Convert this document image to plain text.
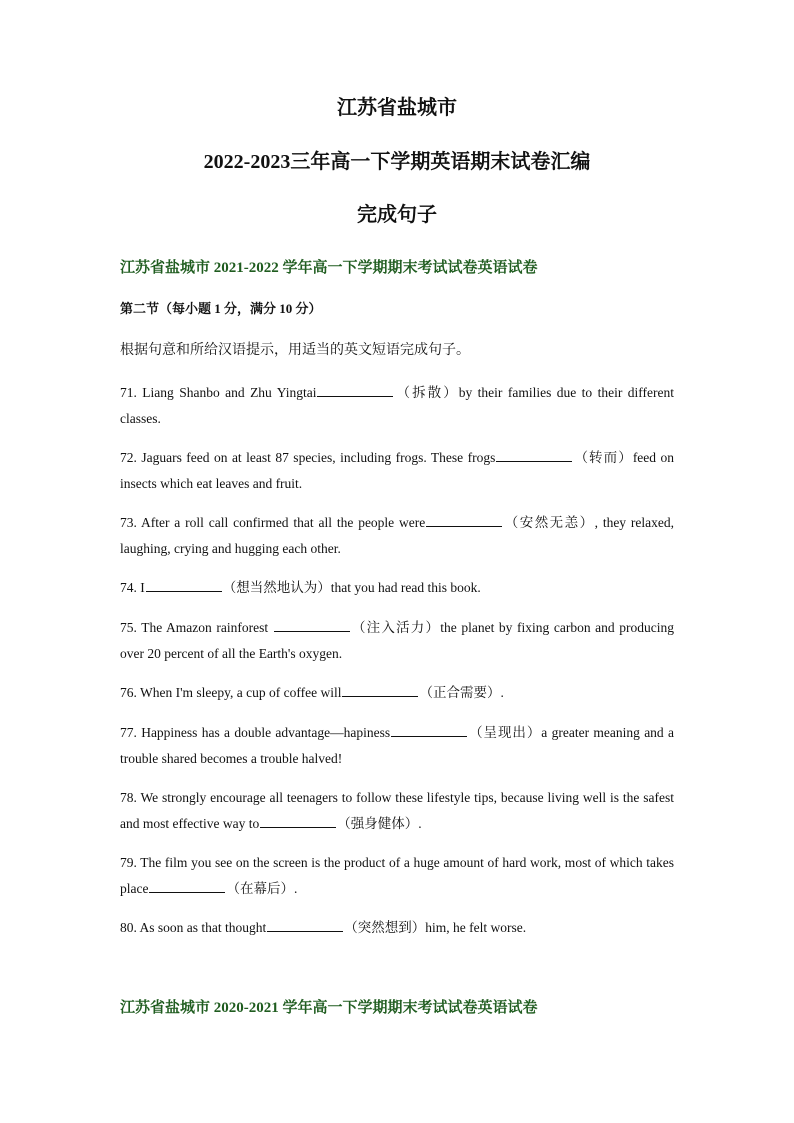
江苏省盐城市
2022-2023三年高一下学期英语期末试卷汇编
完成句子
江苏省盐城市 2021-2022 学年高一下学期期末考试试卷英语试卷
第二节（每小题 1 分，满分 10 分）
根据句意和所给汉语提示，用适当的英文短语完成句子。

71. Liang Shanbo and Zhu Yingtai	（拆散）by their families due to their different classes.

72. Jaguars feed on at least 87 species, including frogs. These frogs	（转而）feed on insects which eat leaves and fruit.

73. After a roll call confirmed that all the people were	（安然无恙）, they relaxed, laughing, crying and hugging each other.

74. I	（想当然地认为）that you had read this book.

75. The Amazon rainforest	（注入活力）the planet by fixing carbon and producing over 20 percent of all the Earth's oxygen.

76. When I'm sleepy, a cup of coffee will	（正合需要）.

77. Happiness has a double advantage—hapiness	（呈现出）a greater meaning and a trouble shared becomes a trouble halved!

78. We strongly encourage all teenagers to follow these lifestyle tips, because living well is the safest and most effective way to	（强身健体）.

79. The film you see on the screen is the product of a huge amount of hard work, most of which takes place	（在幕后）.

80. As soon as that thought	（突然想到）him, he felt worse.

江苏省盐城市 2020-2021 学年高一下学期期末考试试卷英语试卷
